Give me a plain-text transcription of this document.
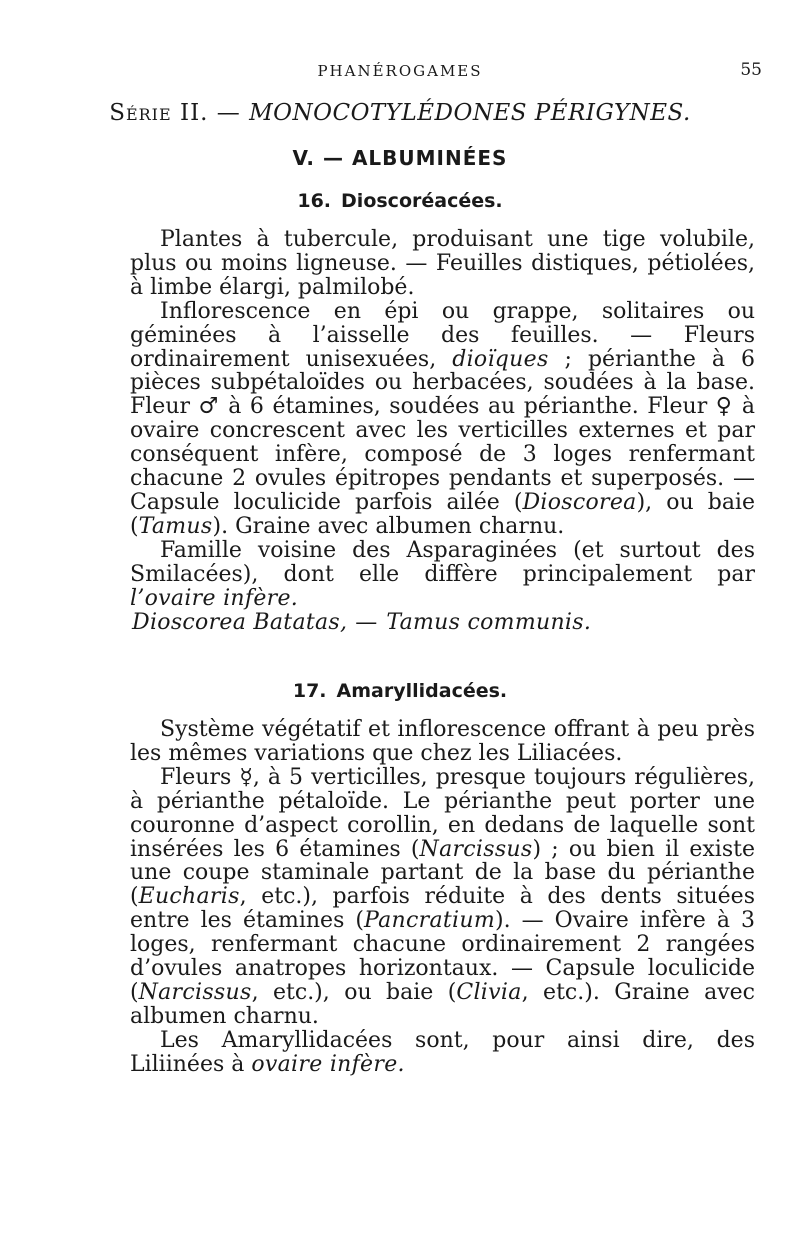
PHANÉROGAMES	55
Série II. — MONOCOTYLÉDONES PÉRIGYNES.
V. — ALBUMINÉES
16. Dioscoréacées.

Plantes à tubercule, produisant une tige volubile, plus ou moins ligneuse. — Feuilles distiques, pétiolées, à limbe élargi, palmilobé.

Inflorescence en épi ou grappe, solitaires ou géminées à l’aisselle des feuilles. — Fleurs ordinairement unisexuées, dioïques ; périanthe à 6 pièces subpétaloïdes ou herbacées, soudées à la base. Fleur ♂ à 6 étamines, soudées au périanthe. Fleur ♀ à ovaire concrescent avec les verticilles externes et par conséquent infère, composé de 3 loges renfermant chacune 2 ovules épitropes pendants et superposés. — Capsule loculicide parfois ailée (Dioscorea), ou baie (Tamus). Graine avec albumen charnu.

Famille voisine des Asparaginées (et surtout des Smilacées), dont elle diffère principalement par l’ovaire infère.

Dioscorea Batatas, — Tamus communis.

17. Amaryllidacées.

Système végétatif et inflorescence offrant à peu près les mêmes variations que chez les Liliacées.

Fleurs ☿, à 5 verticilles, presque toujours régulières, à périanthe pétaloïde. Le périanthe peut porter une couronne d’aspect corollin, en dedans de laquelle sont insérées les 6 étamines (Narcissus) ; ou bien il existe une coupe staminale partant de la base du périanthe (Eucharis, etc.), parfois réduite à des dents situées entre les étamines (Pancratium). — Ovaire infère à 3 loges, renfermant chacune ordinairement 2 rangées d’ovules anatropes horizontaux. — Capsule loculicide (Narcissus, etc.), ou baie (Clivia, etc.). Graine avec albumen charnu.

Les Amaryllidacées sont, pour ainsi dire, des Liliinées à ovaire infère.
